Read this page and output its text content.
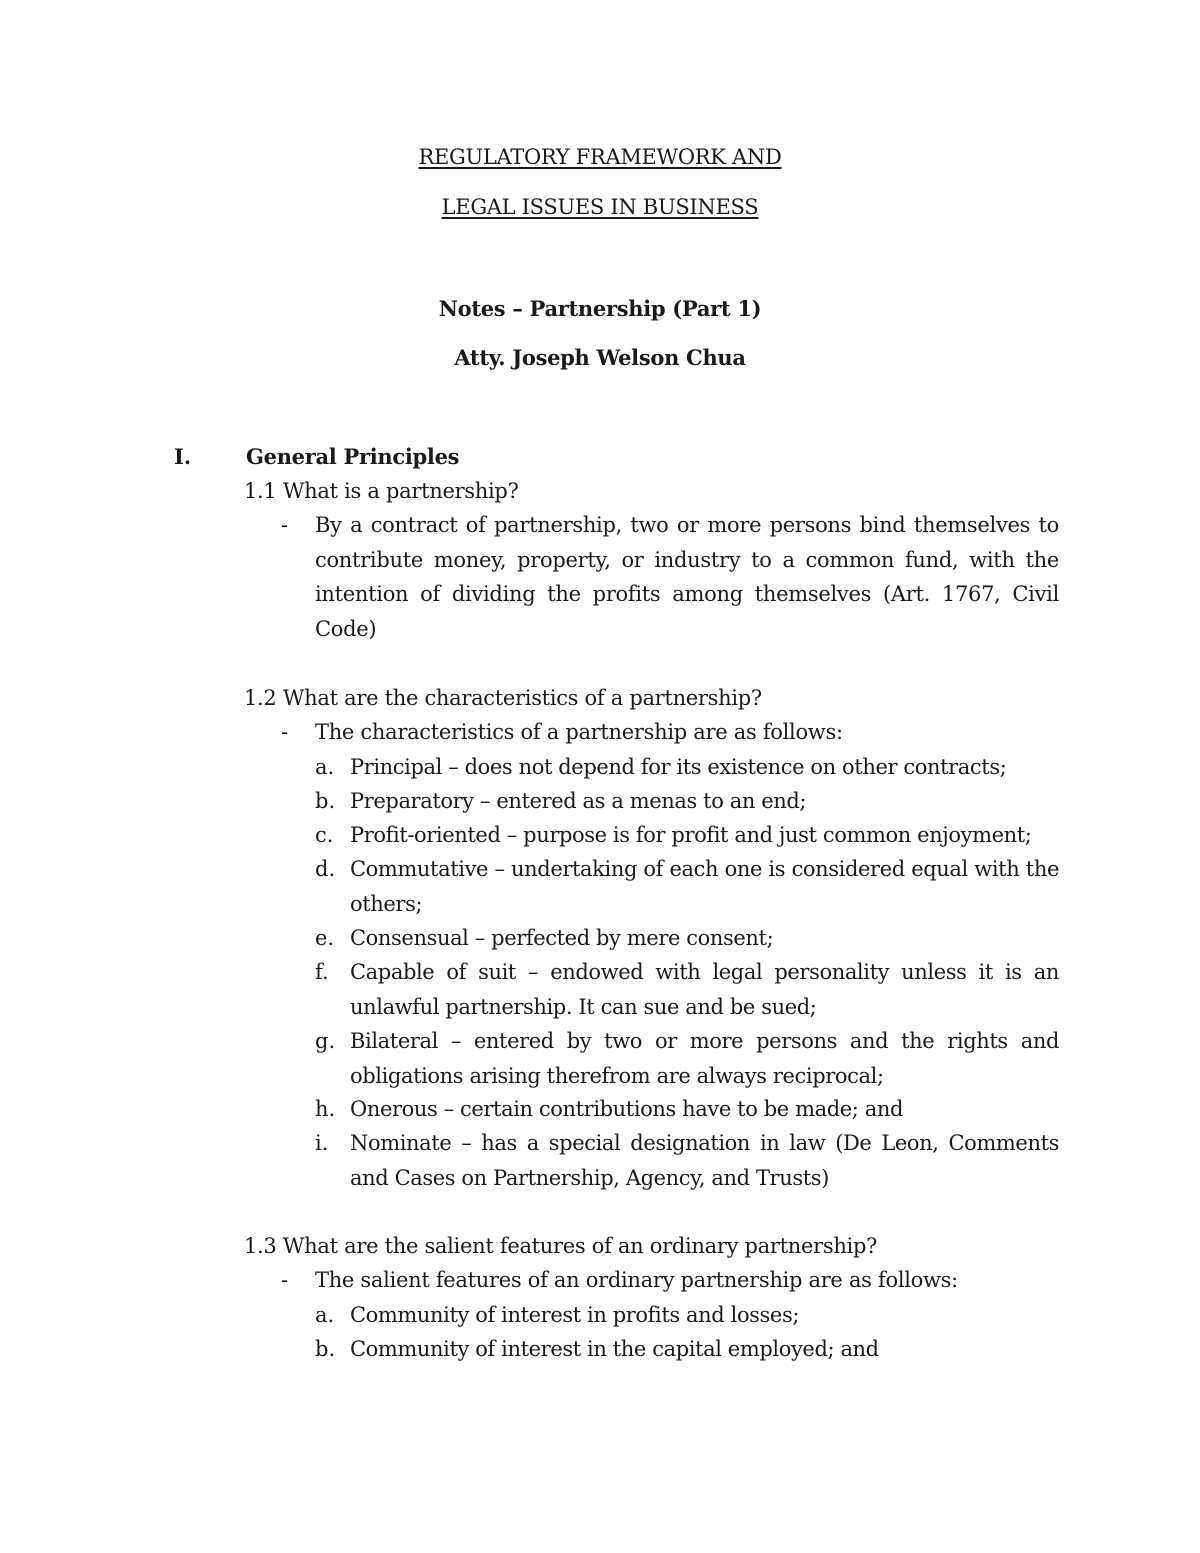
REGULATORY FRAMEWORK AND
LEGAL ISSUES IN BUSINESS
Notes – Partnership (Part 1)
Atty. Joseph Welson Chua
I.	General Principles
1.1 What is a partnership?
- By a contract of partnership, two or more persons bind themselves to contribute money, property, or industry to a common fund, with the intention of dividing the profits among themselves (Art. 1767, Civil Code)
1.2 What are the characteristics of a partnership?
- The characteristics of a partnership are as follows:
a. Principal – does not depend for its existence on other contracts;
b. Preparatory – entered as a menas to an end;
c. Profit-oriented – purpose is for profit and just common enjoyment;
d. Commutative – undertaking of each one is considered equal with the others;
e. Consensual – perfected by mere consent;
f. Capable of suit – endowed with legal personality unless it is an unlawful partnership. It can sue and be sued;
g. Bilateral – entered by two or more persons and the rights and obligations arising therefrom are always reciprocal;
h. Onerous – certain contributions have to be made; and
i. Nominate – has a special designation in law (De Leon, Comments and Cases on Partnership, Agency, and Trusts)
1.3 What are the salient features of an ordinary partnership?
- The salient features of an ordinary partnership are as follows:
a. Community of interest in profits and losses;
b. Community of interest in the capital employed; and
